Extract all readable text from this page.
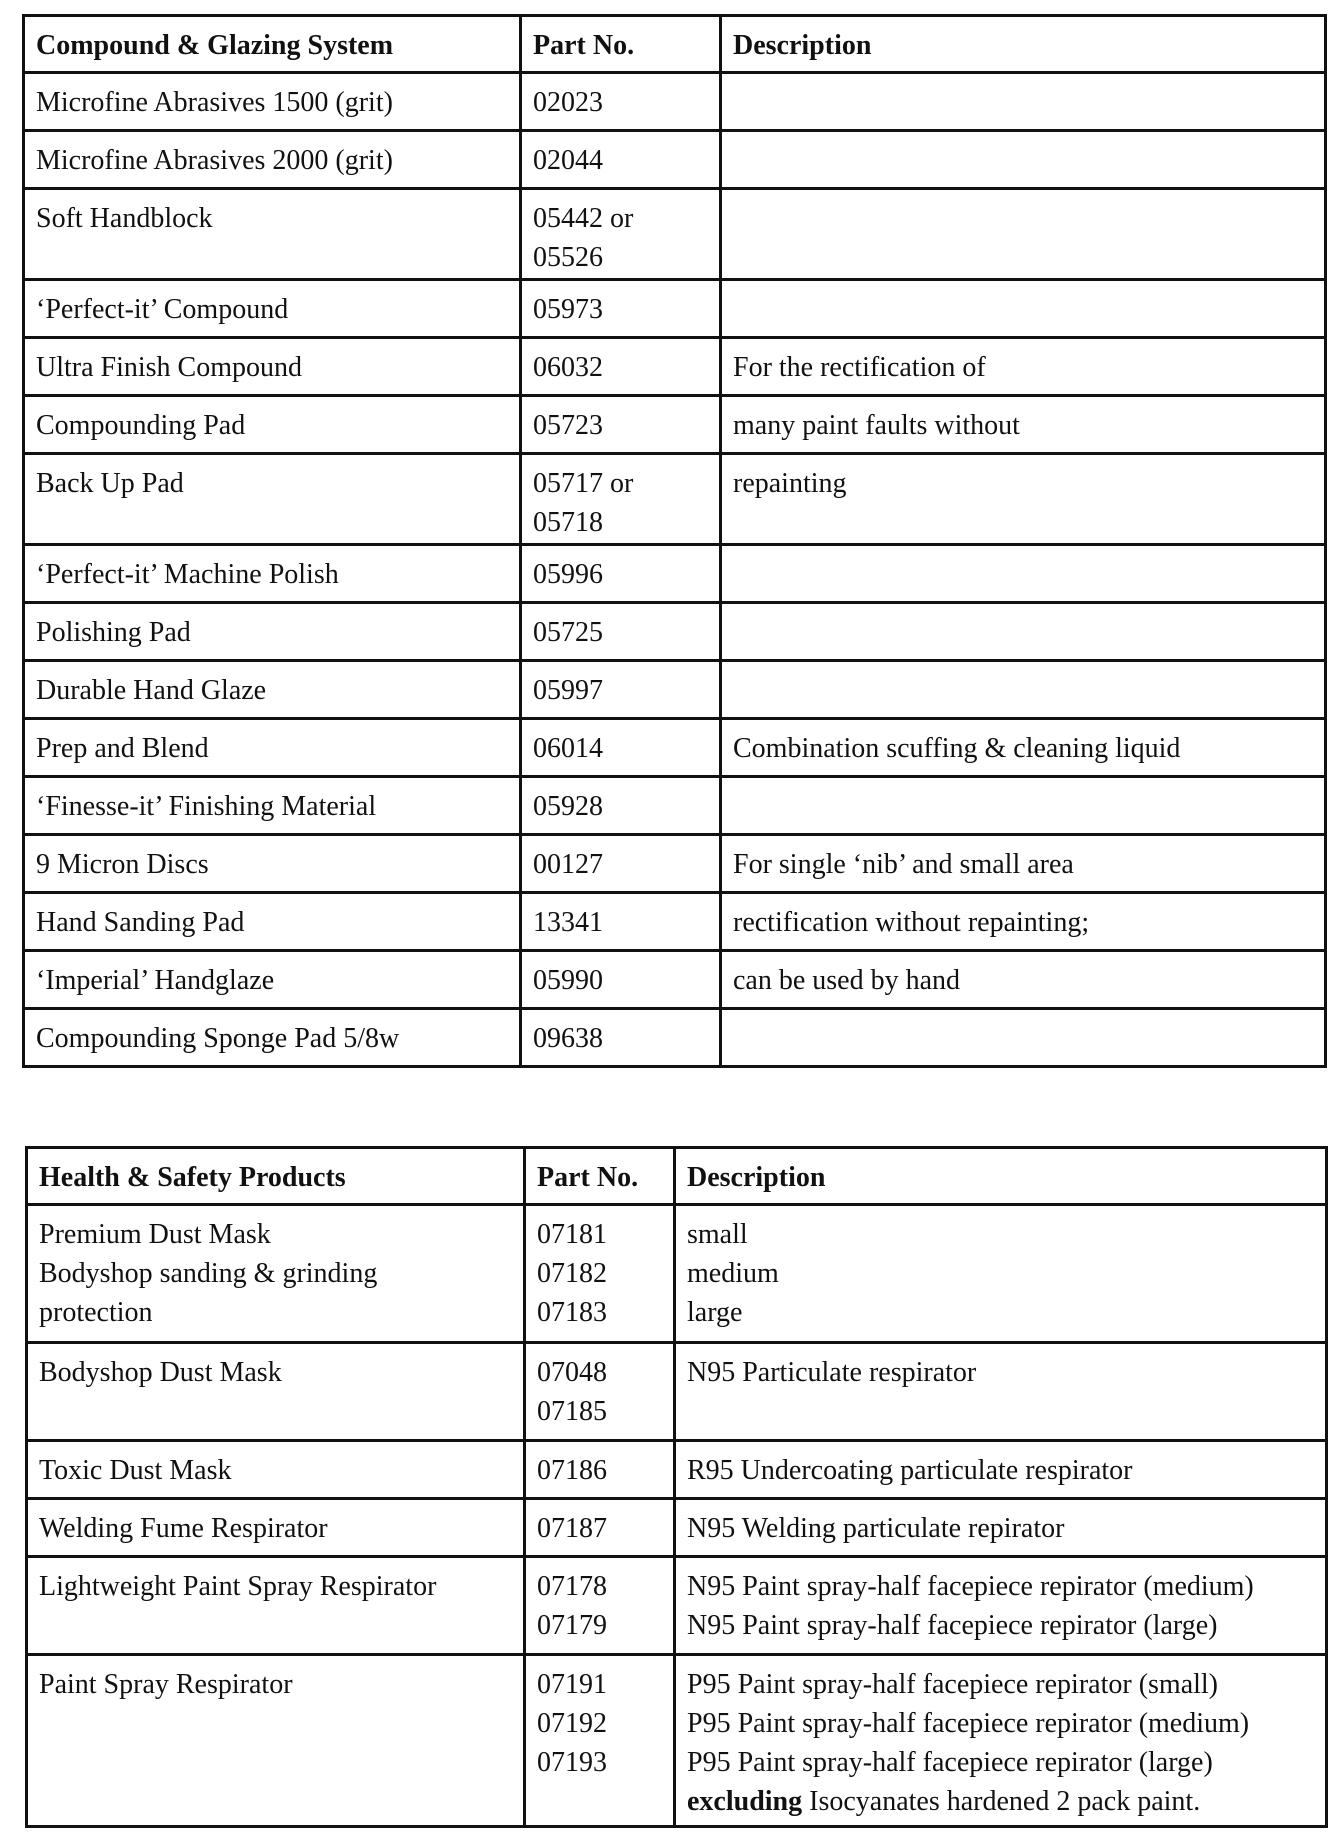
Compound & Glazing System	Part No.	Description

Microfine Abrasives 1500 (grit)	02023	

Microfine Abrasives 2000 (grit)	02044	

Soft Handblock	05442 or
05526	

‘Perfect-it’ Compound	05973	

Ultra Finish Compound	06032	For the rectification of

Compounding Pad	05723	many paint faults without

Back Up Pad	05717 or
05718	repainting

‘Perfect-it’ Machine Polish	05996	

Polishing Pad	05725	

Durable Hand Glaze	05997	

Prep and Blend	06014	Combination scuffing & cleaning liquid

‘Finesse-it’ Finishing Material	05928	

9 Micron Discs	00127	For single ‘nib’ and small area

Hand Sanding Pad	13341	rectification without repainting;

‘Imperial’ Handglaze	05990	can be used by hand

Compounding Sponge Pad 5/8w	09638	

Health & Safety Products	Part No.	Description

Premium Dust Mask
Bodyshop sanding & grinding
protection	07181
07182
07183	small
medium
large

Bodyshop Dust Mask	07048
07185	N95 Particulate respirator

Toxic Dust Mask	07186	R95 Undercoating particulate respirator

Welding Fume Respirator	07187	N95 Welding particulate repirator

Lightweight Paint Spray Respirator	07178
07179	N95 Paint spray-half facepiece repirator (medium)
N95 Paint spray-half facepiece repirator (large)

Paint Spray Respirator	07191
07192
07193	P95 Paint spray-half facepiece repirator (small)
P95 Paint spray-half facepiece repirator (medium)
P95 Paint spray-half facepiece repirator (large)
excluding Isocyanates hardened 2 pack paint.
